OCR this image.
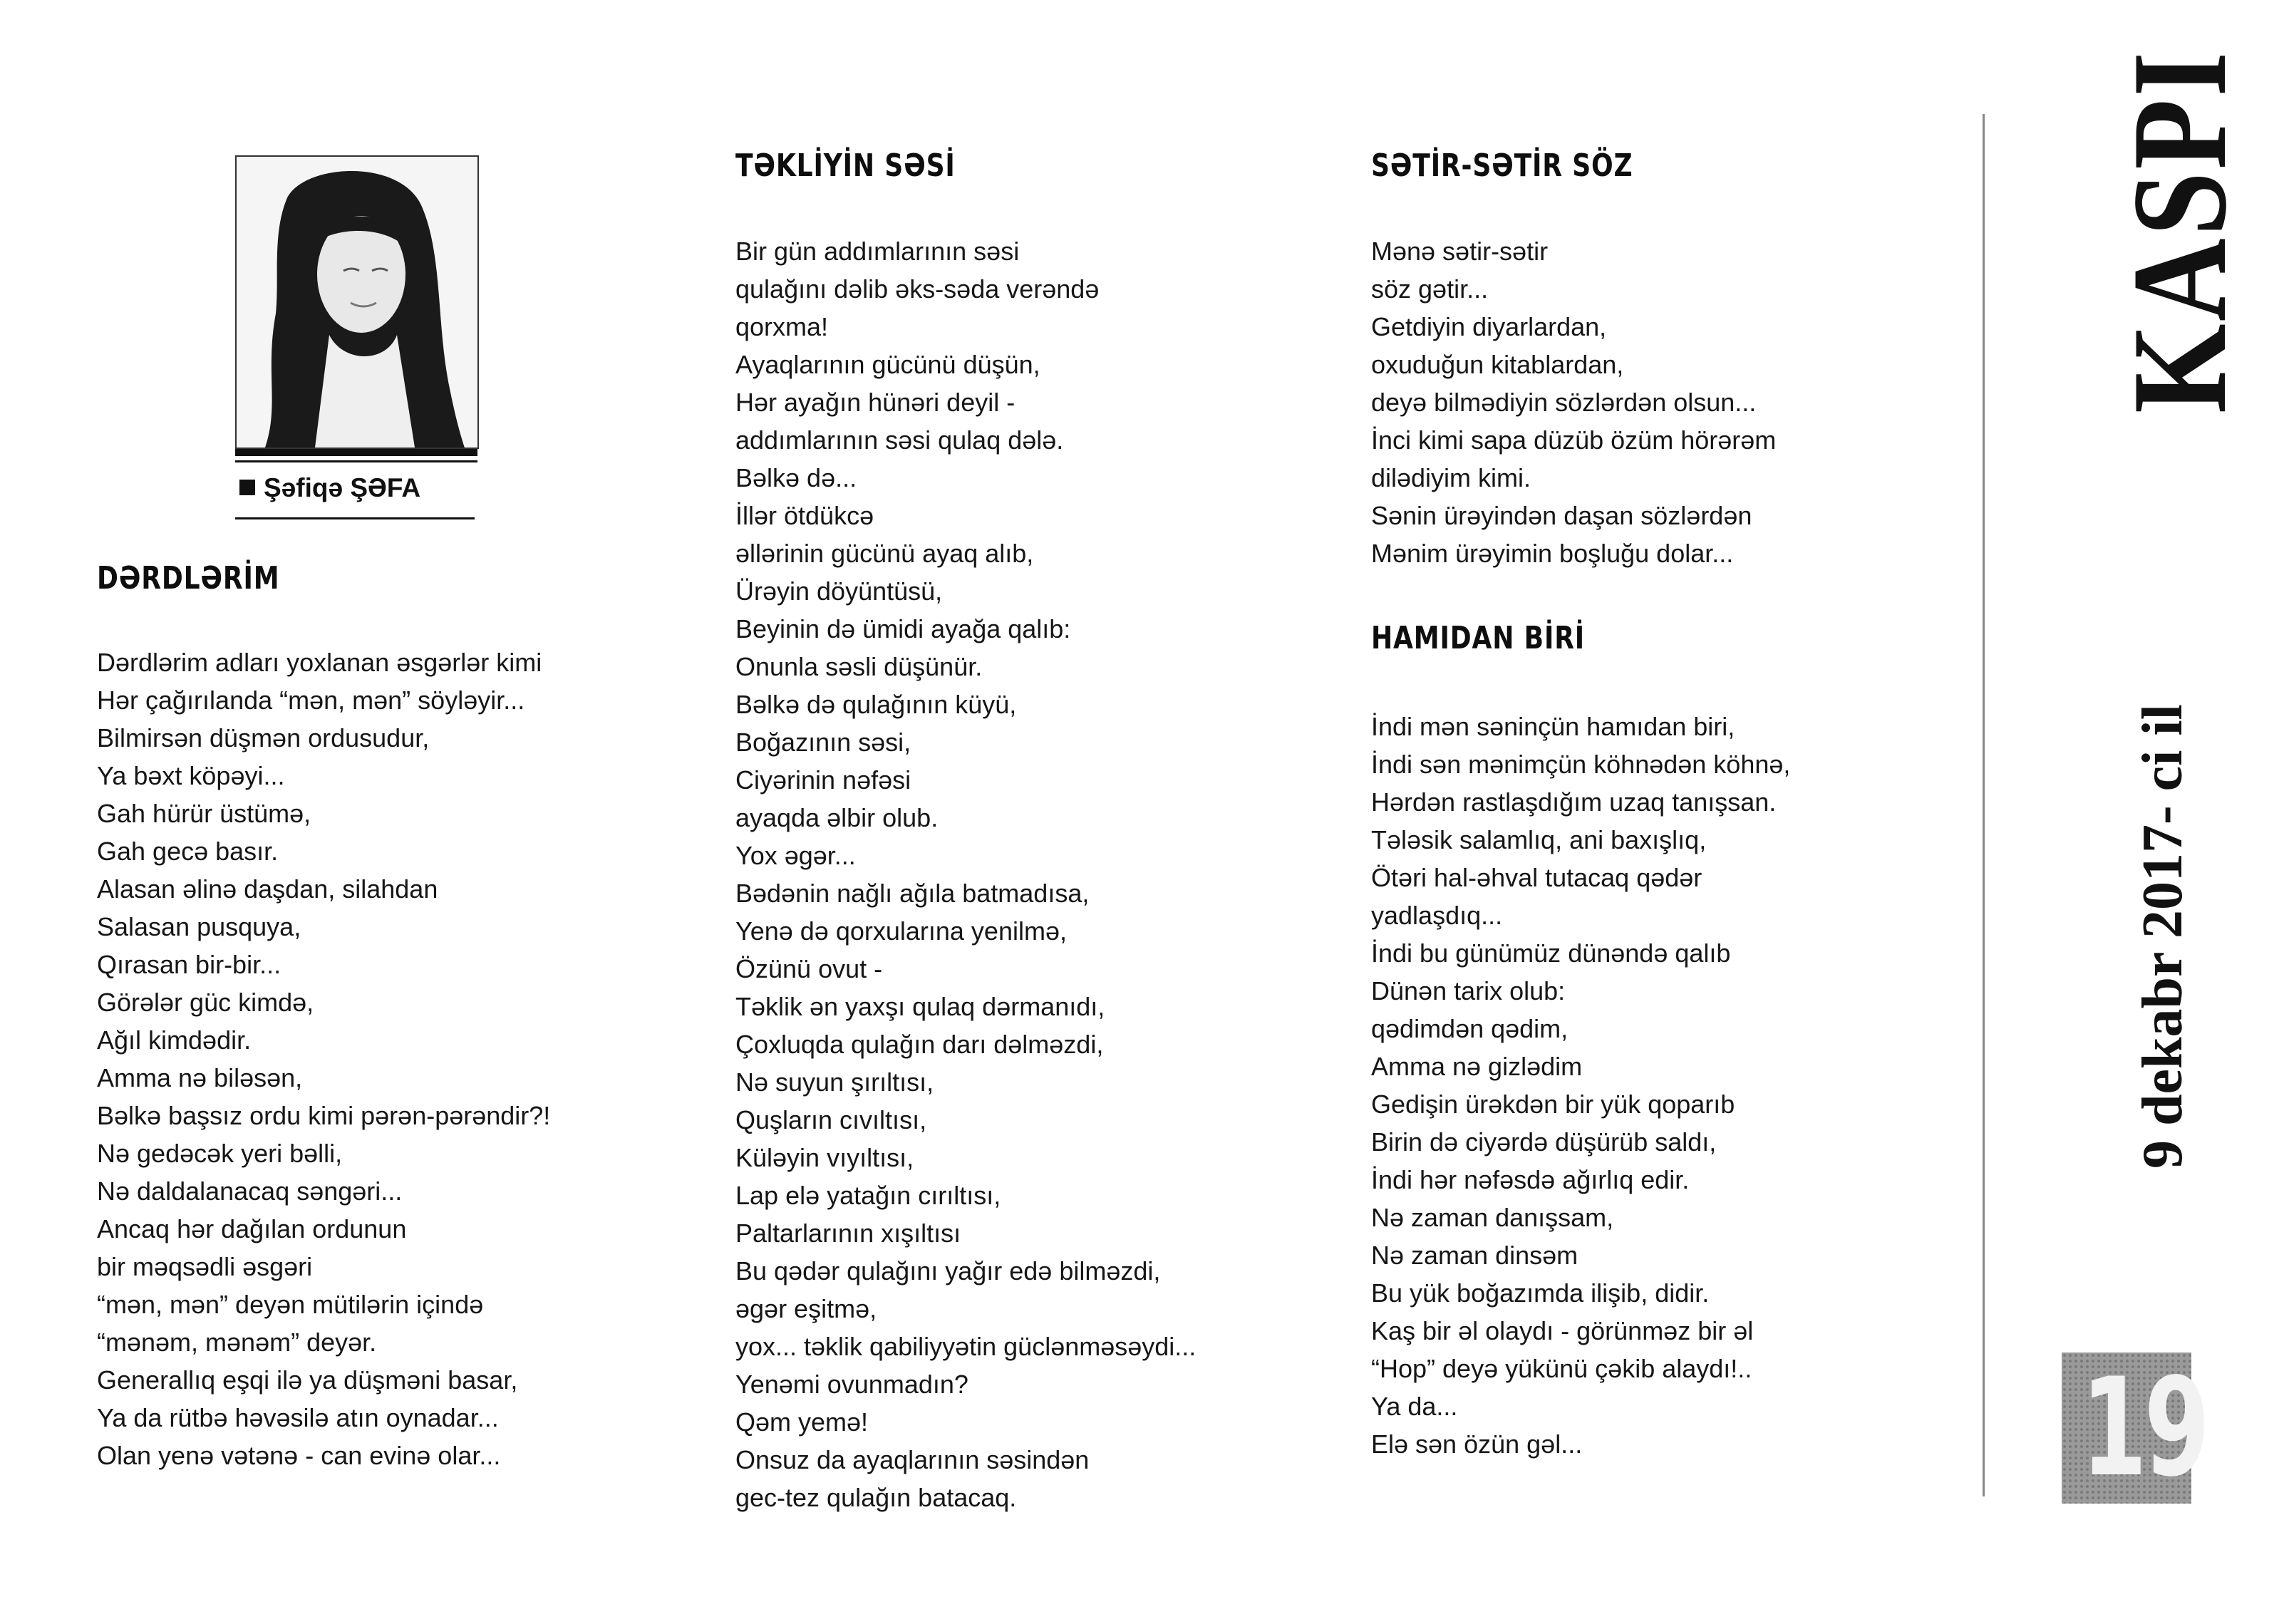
Şəfiqə ŞƏFA
DƏRDLƏRİM
Dərdlərim adları yoxlanan əsgərlər kimi
Hər çağırılanda “mən, mən” söyləyir...
Bilmirsən düşmən ordusudur,
Ya bəxt köpəyi...
Gah hürür üstümə,
Gah gecə basır.
Alasan əlinə daşdan, silahdan
Salasan pusquya,
Qırasan bir-bir...
Görələr güc kimdə,
Ağıl kimdədir.
Amma nə biləsən,
Bəlkə başsız ordu kimi pərən-pərəndir?!
Nə gedəcək yeri bəlli,
Nə daldalanacaq səngəri...
Ancaq hər dağılan ordunun
bir məqsədli əsgəri
“mən, mən” deyən mütilərin içində
“mənəm, mənəm” deyər.
Generallıq eşqi ilə ya düşməni basar,
Ya da rütbə həvəsilə atın oynadar...
Olan yenə vətənə - can evinə olar...
TƏKLİYİN SƏSİ
Bir gün addımlarının səsi
qulağını dəlib əks-səda verəndə
qorxma!
Ayaqlarının gücünü düşün,
Hər ayağın hünəri deyil -
addımlarının səsi qulaq dələ.
Bəlkə də...
İllər ötdükcə
əllərinin gücünü ayaq alıb,
Ürəyin döyüntüsü,
Beyinin də ümidi ayağa qalıb:
Onunla səsli düşünür.
Bəlkə də qulağının küyü,
Boğazının səsi,
Ciyərinin nəfəsi
ayaqda əlbir olub.
Yox əgər...
Bədənin nağlı ağıla batmadısa,
Yenə də qorxularına yenilmə,
Özünü ovut -
Təklik ən yaxşı qulaq dərmanıdı,
Çoxluqda qulağın darı dəlməzdi,
Nə suyun şırıltısı,
Quşların cıvıltısı,
Küləyin vıyıltısı,
Lap elə yatağın cırıltısı,
Paltarlarının xışıltısı
Bu qədər qulağını yağır edə bilməzdi,
əgər eşitmə,
yox... təklik qabiliyyətin güclənməsəydi...
Yenəmi ovunmadın?
Qəm yemə!
Onsuz da ayaqlarının səsindən
gec-tez qulağın batacaq.
SƏTİR-SƏTİR SÖZ
Mənə sətir-sətir
söz gətir...
Getdiyin diyarlardan,
oxuduğun kitablardan,
deyə bilmədiyin sözlərdən olsun...
İnci kimi sapa düzüb özüm hörərəm
dilədiyim kimi.
Sənin ürəyindən daşan sözlərdən
Mənim ürəyimin boşluğu dolar...
HAMIDAN BİRİ
İndi mən səninçün hamıdan biri,
İndi sən mənimçün köhnədən köhnə,
Hərdən rastlaşdığım uzaq tanışsan.
Tələsik salamlıq, ani baxışlıq,
Ötəri hal-əhval tutacaq qədər
yadlaşdıq...
İndi bu günümüz dünəndə qalıb
Dünən tarix olub:
qədimdən qədim,
Amma nə gizlədim
Gedişin ürəkdən bir yük qoparıb
Birin də ciyərdə düşürüb saldı,
İndi hər nəfəsdə ağırlıq edir.
Nə zaman danışsam,
Nə zaman dinsəm
Bu yük boğazımda ilişib, didir.
Kaş bir əl olaydı - görünməz bir əl
“Hop” deyə yükünü çəkib alaydı!..
Ya da...
Elə sən özün gəl...
KASPI
9 dekabr 2017- ci il
19
